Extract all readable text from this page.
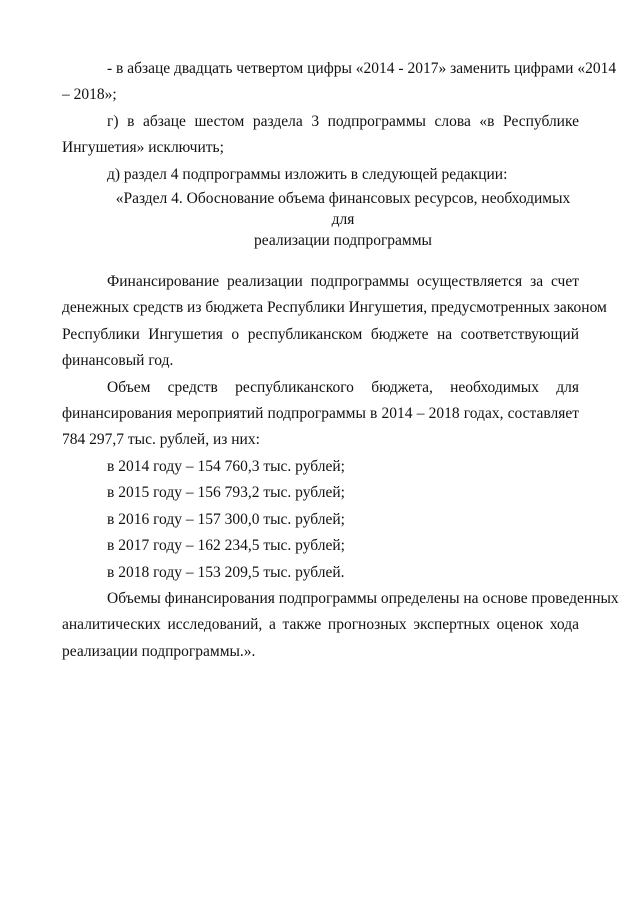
- в абзаце двадцать четвертом цифры «2014 - 2017» заменить цифрами «2014
– 2018»;
г) в абзаце шестом раздела 3 подпрограммы слова «в Республике
Ингушетия» исключить;
д) раздел 4 подпрограммы изложить в следующей редакции:
«Раздел 4. Обоснование объема финансовых ресурсов, необходимых для
реализации подпрограммы
Финансирование реализации подпрограммы осуществляется за счет
денежных средств из бюджета Республики Ингушетия, предусмотренных законом
Республики Ингушетия о республиканском бюджете на соответствующий
финансовый год.
Объем средств республиканского бюджета, необходимых для
финансирования мероприятий подпрограммы в 2014 – 2018 годах, составляет
784 297,7 тыс. рублей, из них:
в 2014 году – 154 760,3 тыс. рублей;
в 2015 году – 156 793,2 тыс. рублей;
в 2016 году – 157 300,0 тыс. рублей;
в 2017 году – 162 234,5 тыс. рублей;
в 2018 году – 153 209,5 тыс. рублей.
Объемы финансирования подпрограммы определены на основе проведенных
аналитических исследований, а также прогнозных экспертных оценок хода
реализации подпрограммы.».
